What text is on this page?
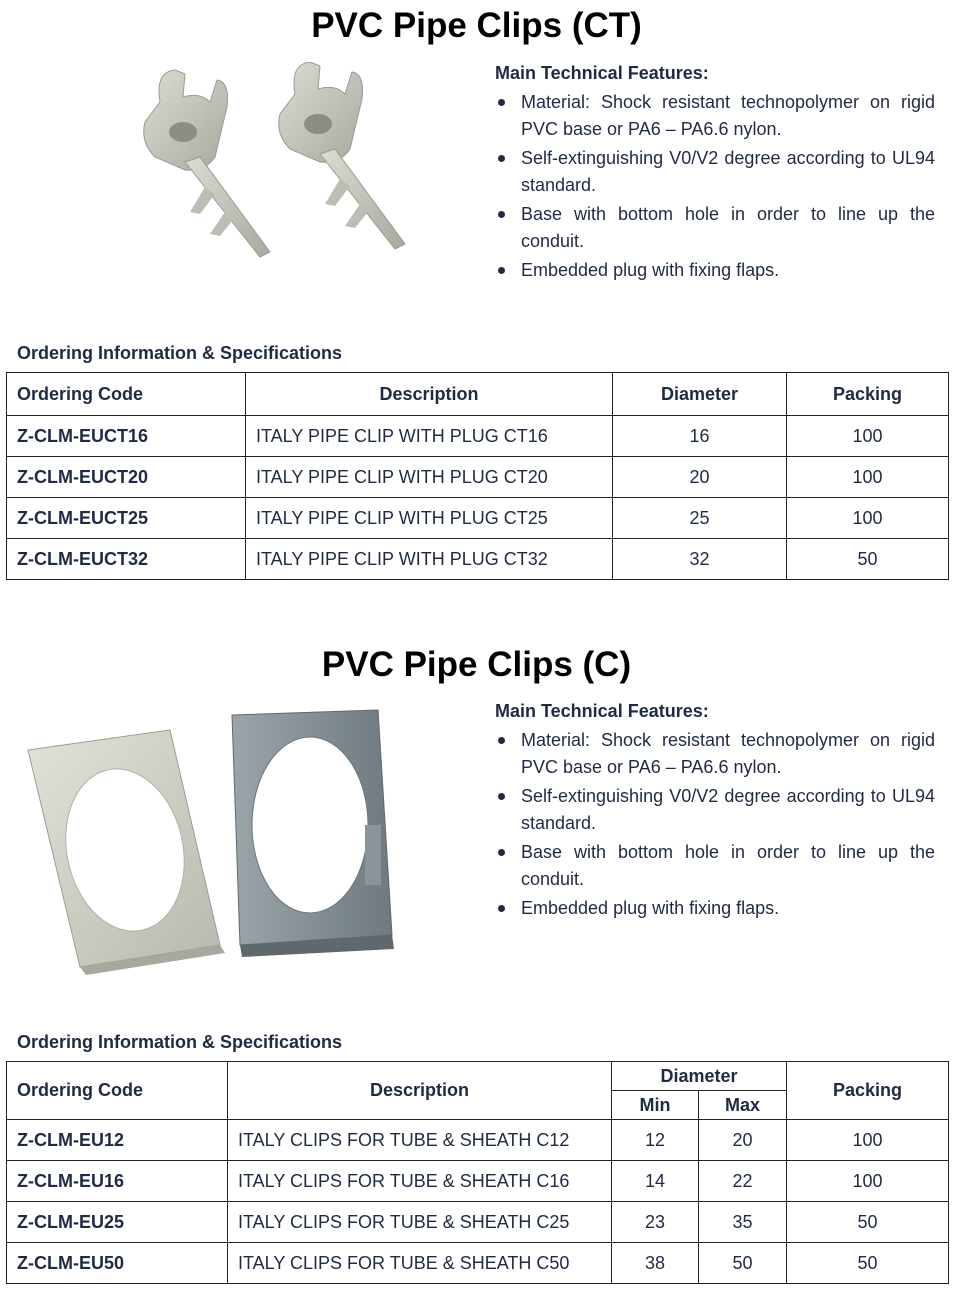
PVC Pipe Clips (CT)
Main Technical Features:
Material: Shock resistant technopolymer on rigid PVC base or PA6 – PA6.6 nylon.
Self-extinguishing V0/V2 degree according to UL94 standard.
Base with bottom hole in order to line up the conduit.
Embedded plug with fixing flaps.

Ordering Information & Specifications

Ordering Code	Description	Diameter	Packing
Z-CLM-EUCT16	ITALY PIPE CLIP WITH PLUG CT16	16	100
Z-CLM-EUCT20	ITALY PIPE CLIP WITH PLUG CT20	20	100
Z-CLM-EUCT25	ITALY PIPE CLIP WITH PLUG CT25	25	100
Z-CLM-EUCT32	ITALY PIPE CLIP WITH PLUG CT32	32	50
PVC Pipe Clips (C)
Main Technical Features:
Material: Shock resistant technopolymer on rigid PVC base or PA6 – PA6.6 nylon.
Self-extinguishing V0/V2 degree according to UL94 standard.
Base with bottom hole in order to line up the conduit.
Embedded plug with fixing flaps.

Ordering Information & Specifications

Ordering Code	Description	Diameter		Packing
		Min	Max	
Z-CLM-EU12	ITALY CLIPS FOR TUBE & SHEATH C12	12	20	100
Z-CLM-EU16	ITALY CLIPS FOR TUBE & SHEATH C16	14	22	100
Z-CLM-EU25	ITALY CLIPS FOR TUBE & SHEATH C25	23	35	50
Z-CLM-EU50	ITALY CLIPS FOR TUBE & SHEATH C50	38	50	50
